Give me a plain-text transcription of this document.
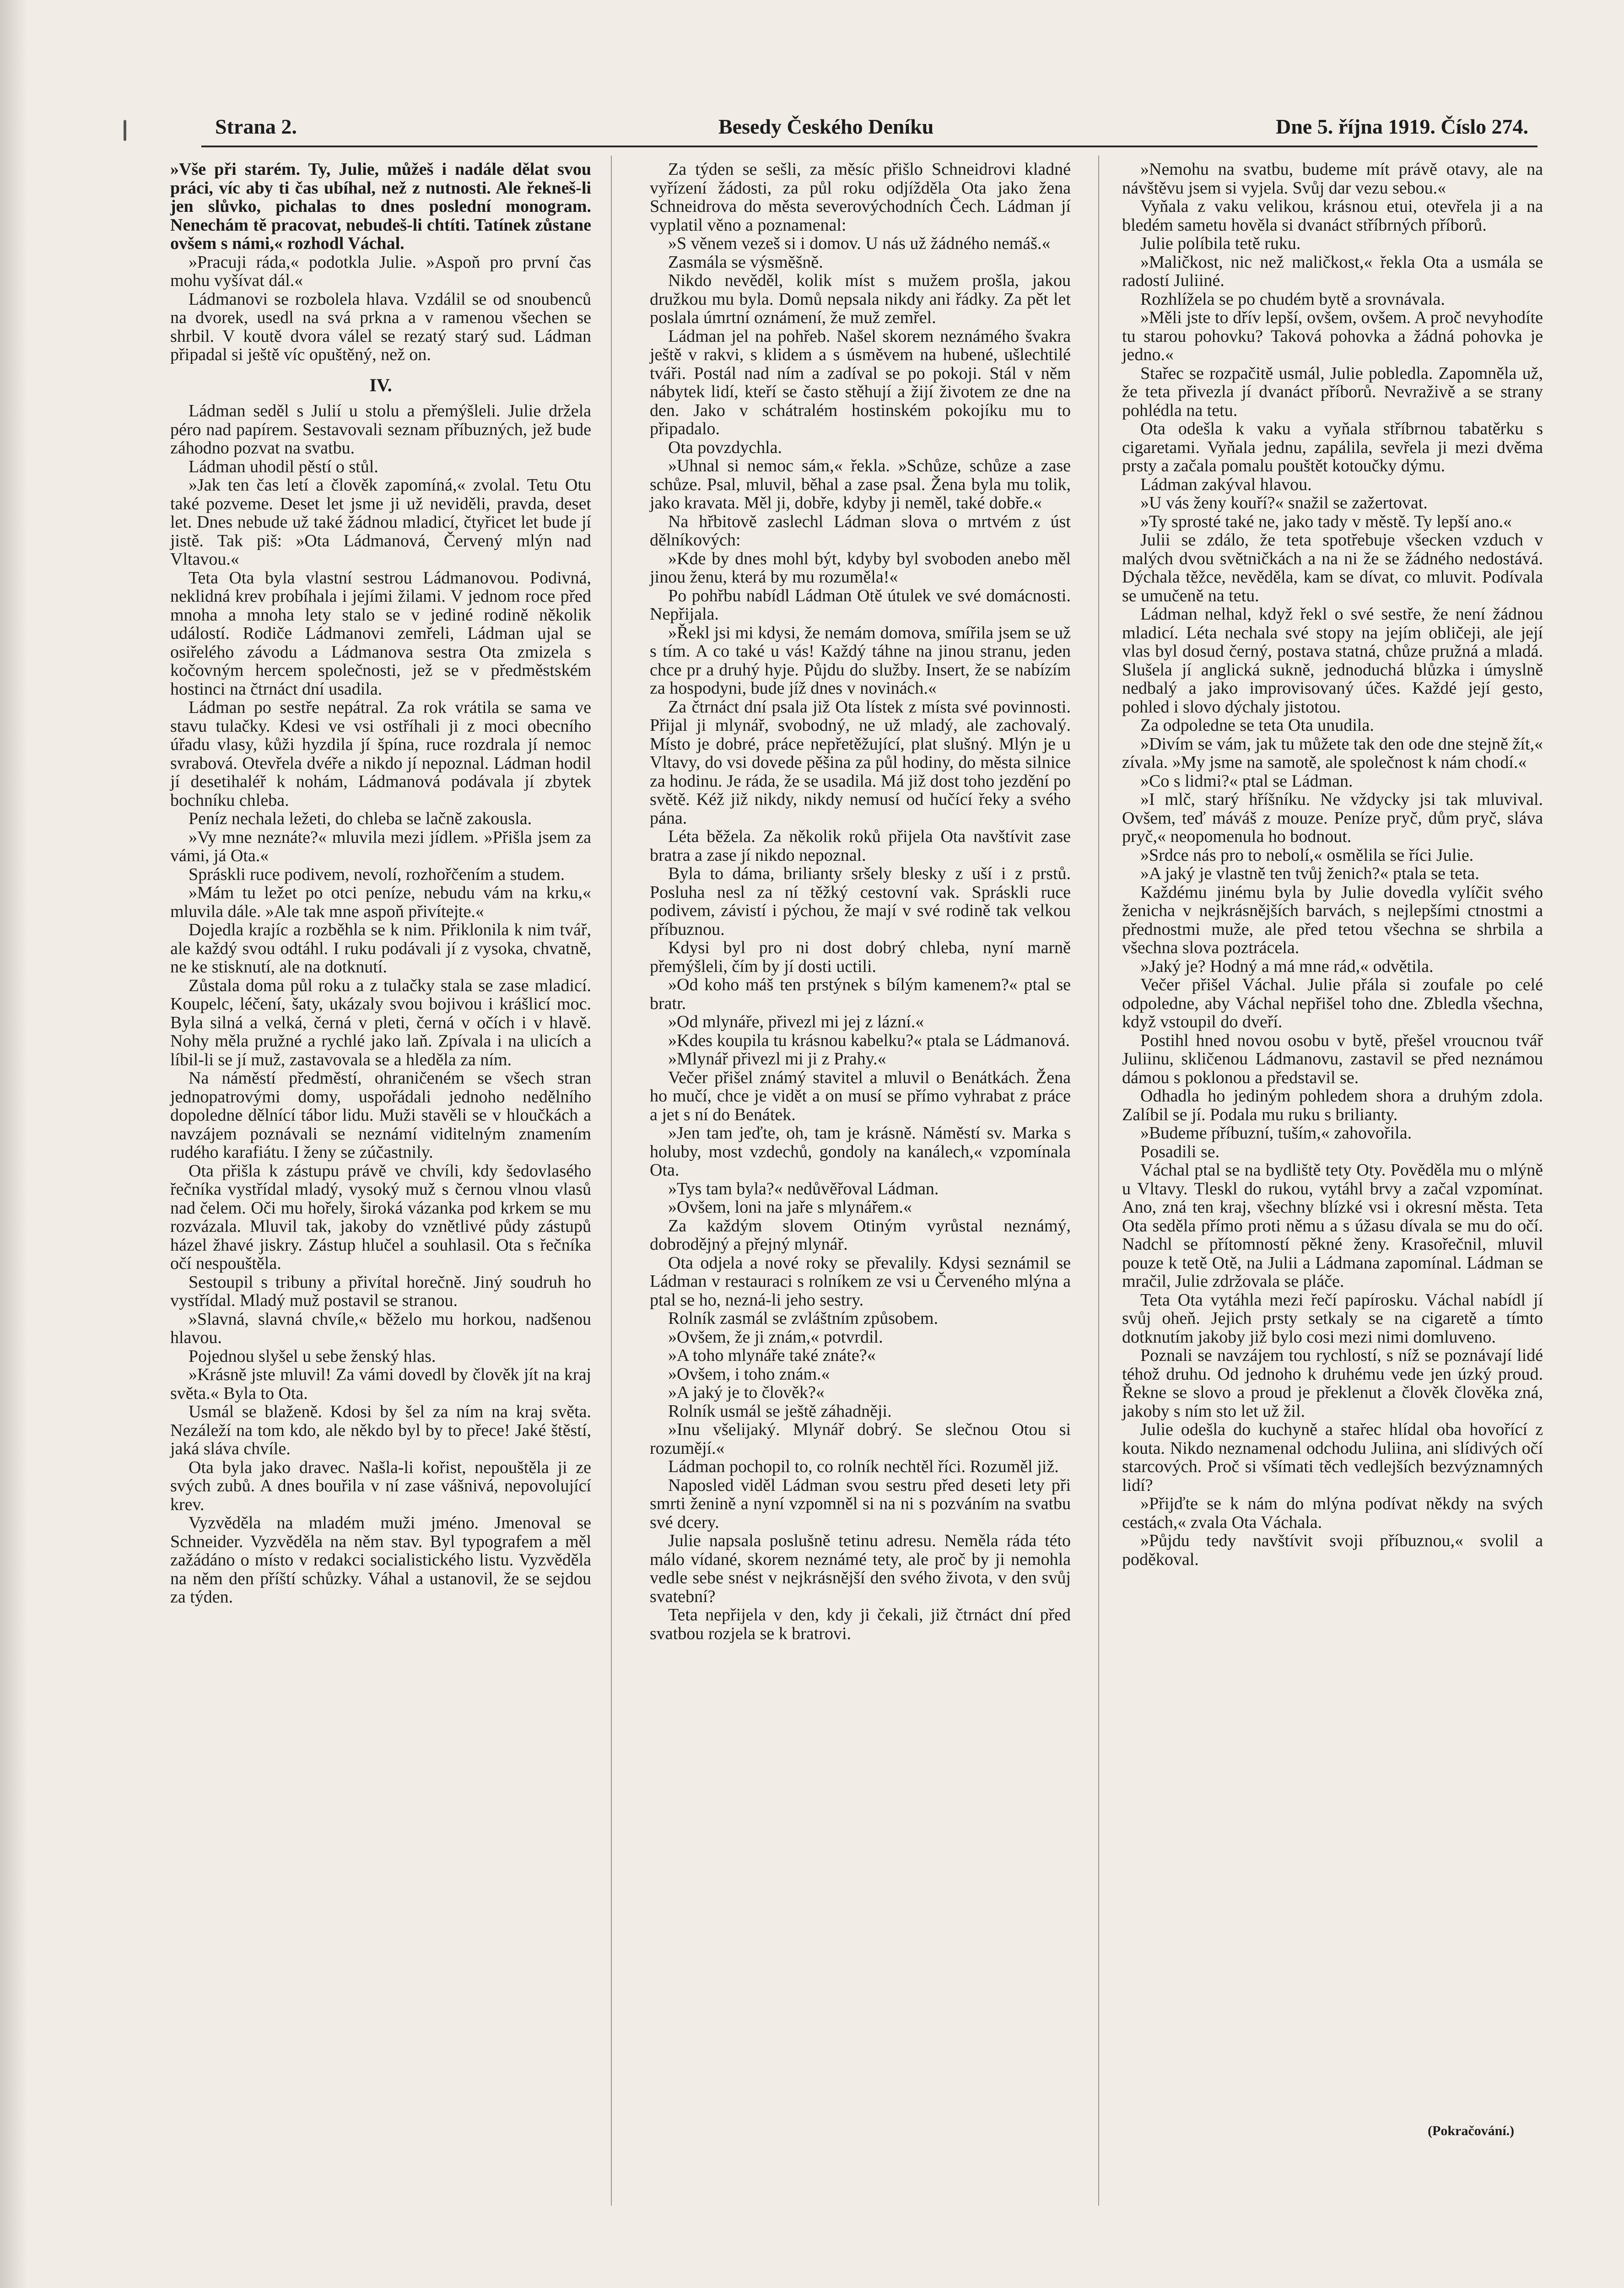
Strana 2.	Besedy Českého Deníku	Dne 5. října 1919. Číslo 274.

»Vše při starém. Ty, Julie, můžeš i nadále dělat svou práci, víc aby ti čas ubíhal, než z nutnosti. Ale řekneš-li jen slůvko, pichalas to dnes poslední monogram. Nenechám tě pracovat, nebudeš-li chtíti. Tatínek zůstane ovšem s námi,« rozhodl Váchal.

»Pracuji ráda,« podotkla Julie. »Aspoň pro první čas mohu vyšívat dál.«

Ládmanovi se rozbolela hlava. Vzdálil se od snoubenců na dvorek, usedl na svá prkna a v ramenou všechen se shrbil. V koutě dvora válel se rezatý starý sud. Ládman připadal si ještě víc opuštěný, než on.

IV.

Ládman seděl s Julií u stolu a přemýšleli. Julie držela péro nad papírem. Sestavovali seznam příbuzných, jež bude záhodno pozvat na svatbu.

Ládman uhodil pěstí o stůl.

»Jak ten čas letí a člověk zapomíná,« zvolal. Tetu Otu také pozveme. Deset let jsme ji už neviděli, pravda, deset let. Dnes nebude už také žádnou mladicí, čtyřicet let bude jí jistě. Tak piš: »Ota Ládmanová, Červený mlýn nad Vltavou.«

Teta Ota byla vlastní sestrou Ládmanovou. Podivná, neklidná krev probíhala i jejími žilami. V jednom roce před mnoha a mnoha lety stalo se v jediné rodině několik událostí. Rodiče Ládmanovi zemřeli, Ládman ujal se osiřelého závodu a Ládmanova sestra Ota zmizela s kočovným hercem společnosti, jež se v předměstském hostinci na čtrnáct dní usadila.

Ládman po sestře nepátral. Za rok vrátila se sama ve stavu tulačky. Kdesi ve vsi ostříhali ji z moci obecního úřadu vlasy, kůži hyzdila jí špína, ruce rozdrala jí nemoc svrabová. Otevřela dvéře a nikdo jí nepoznal. Ládman hodil jí desetihaléř k nohám, Ládmanová podávala jí zbytek bochníku chleba.

Peníz nechala ležeti, do chleba se lačně zakousla.

»Vy mne neznáte?« mluvila mezi jídlem. »Přišla jsem za vámi, já Ota.«

Spráskli ruce podivem, nevolí, rozhořčením a studem.

»Mám tu ležet po otci peníze, nebudu vám na krku,« mluvila dále. »Ale tak mne aspoň přivítejte.«

Dojedla krajíc a rozběhla se k nim. Přiklonila k nim tvář, ale každý svou odtáhl. I ruku podávali jí z vysoka, chvatně, ne ke stisknutí, ale na dotknutí.

Zůstala doma půl roku a z tulačky stala se zase mladicí. Koupelc, léčení, šaty, ukázaly svou bojivou i krášlicí moc. Byla silná a velká, černá v pleti, černá v očích i v hlavě. Nohy měla pružné a rychlé jako laň. Zpívala i na ulicích a líbil-li se jí muž, zastavovala se a hleděla za ním.

Na náměstí předměstí, ohraničeném se všech stran jednopatrovými domy, uspořádali jednoho nedělního dopoledne dělnící tábor lidu. Muži stavěli se v hloučkách a navzájem poznávali se neznámí viditelným znamením rudého karafiátu. I ženy se zúčastnily.

Ota přišla k zástupu právě ve chvíli, kdy šedovlasého řečníka vystřídal mladý, vysoký muž s černou vlnou vlasů nad čelem. Oči mu hořely, široká vázanka pod krkem se mu rozvázala. Mluvil tak, jakoby do vznětlivé půdy zástupů házel žhavé jiskry. Zástup hlučel a souhlasil. Ota s řečníka očí nespouštěla.

Sestoupil s tribuny a přivítal horečně. Jiný soudruh ho vystřídal. Mladý muž postavil se stranou.

»Slavná, slavná chvíle,« běželo mu horkou, nadšenou hlavou.

Pojednou slyšel u sebe ženský hlas.

»Krásně jste mluvil! Za vámi dovedl by člověk jít na kraj světa.« Byla to Ota.

Usmál se blaženě. Kdosi by šel za ním na kraj světa. Nezáleží na tom kdo, ale někdo byl by to přece! Jaké štěstí, jaká sláva chvíle.

Ota byla jako dravec. Našla-li kořist, nepouštěla ji ze svých zubů. A dnes bouřila v ní zase vášnivá, nepovolující krev.

Vyzvěděla na mladém muži jméno. Jmenoval se Schneider. Vyzvěděla na něm stav. Byl typografem a měl zažádáno o místo v redakci socialistického listu. Vyzvěděla na něm den příští schůzky. Váhal a ustanovil, že se sejdou za týden.

Za týden se sešli, za měsíc přišlo Schneidrovi kladné vyřízení žádosti, za půl roku odjížděla Ota jako žena Schneidrova do města severovýchodních Čech. Ládman jí vyplatil věno a poznamenal:

»S věnem vezeš si i domov. U nás už žádného nemáš.«

Zasmála se výsměšně.

Nikdo nevěděl, kolik míst s mužem prošla, jakou družkou mu byla. Domů nepsala nikdy ani řádky. Za pět let poslala úmrtní oznámení, že muž zemřel.

Ládman jel na pohřeb. Našel skorem neznámého švakra ještě v rakvi, s klidem a s úsměvem na hubené, ušlechtilé tváři. Postál nad ním a zadíval se po pokoji. Stál v něm nábytek lidí, kteří se často stěhují a žijí životem ze dne na den. Jako v schátralém hostinském pokojíku mu to připadalo.

Ota povzdychla.

»Uhnal si nemoc sám,« řekla. »Schůze, schůze a zase schůze. Psal, mluvil, běhal a zase psal. Žena byla mu tolik, jako kravata. Měl ji, dobře, kdyby ji neměl, také dobře.«

Na hřbitově zaslechl Ládman slova o mrtvém z úst dělníkových:

»Kde by dnes mohl být, kdyby byl svoboden anebo měl jinou ženu, která by mu rozuměla!«

Po pohřbu nabídl Ládman Otě útulek ve své domácnosti. Nepřijala.

»Řekl jsi mi kdysi, že nemám domova, smířila jsem se už s tím. A co také u vás! Každý táhne na jinou stranu, jeden chce pr a druhý hyje. Půjdu do služby. Insert, že se nabízím za hospodyni, bude jíž dnes v novinách.«

Za čtrnáct dní psala již Ota lístek z místa své povinnosti. Přijal ji mlynář, svobodný, ne už mladý, ale zachovalý. Místo je dobré, práce nepřetěžující, plat slušný. Mlýn je u Vltavy, do vsi dovede pěšina za půl hodiny, do města silnice za hodinu. Je ráda, že se usadila. Má již dost toho jezdění po světě. Kéž již nikdy, nikdy nemusí od hučící řeky a svého pána.

Léta běžela. Za několik roků přijela Ota navštívit zase bratra a zase jí nikdo nepoznal.

Byla to dáma, brilianty sršely blesky z uší i z prstů. Posluha nesl za ní těžký cestovní vak. Spráskli ruce podivem, závistí i pýchou, že mají v své rodině tak velkou příbuznou.

Kdysi byl pro ni dost dobrý chleba, nyní marně přemýšleli, čím by jí dosti uctili.

»Od koho máš ten prstýnek s bílým kamenem?« ptal se bratr.

»Od mlynáře, přivezl mi jej z lázní.«

»Kdes koupila tu krásnou kabelku?« ptala se Ládmanová.

»Mlynář přivezl mi ji z Prahy.«

Večer přišel známý stavitel a mluvil o Benátkách. Žena ho mučí, chce je vidět a on musí se přímo vyhrabat z práce a jet s ní do Benátek.

»Jen tam jeďte, oh, tam je krásně. Náměstí sv. Marka s holuby, most vzdechů, gondoly na kanálech,« vzpomínala Ota.

»Tys tam byla?« nedůvěřoval Ládman.

»Ovšem, loni na jaře s mlynářem.«

Za každým slovem Otiným vyrůstal neznámý, dobrodějný a přejný mlynář.

Ota odjela a nové roky se převalily. Kdysi seznámil se Ládman v restauraci s rolníkem ze vsi u Červeného mlýna a ptal se ho, nezná-li jeho sestry.

Rolník zasmál se zvláštním způsobem.

»Ovšem, že ji znám,« potvrdil.

»A toho mlynáře také znáte?«

»Ovšem, i toho znám.«

»A jaký je to člověk?«

Rolník usmál se ještě záhadněji.

»Inu všelijaký. Mlynář dobrý. Se slečnou Otou si rozumějí.«

Ládman pochopil to, co rolník nechtěl říci. Rozuměl již.

Naposled viděl Ládman svou sestru před deseti lety při smrti ženině a nyní vzpomněl si na ni s pozváním na svatbu své dcery.

Julie napsala poslušně tetinu adresu. Neměla ráda této málo vídané, skorem neznámé tety, ale proč by ji nemohla vedle sebe snést v nejkrásnější den svého života, v den svůj svatební?

Teta nepřijela v den, kdy ji čekali, již čtrnáct dní před svatbou rozjela se k bratrovi.

»Nemohu na svatbu, budeme mít právě otavy, ale na návštěvu jsem si vyjela. Svůj dar vezu sebou.«

Vyňala z vaku velikou, krásnou etui, otevřela ji a na bledém sametu hověla si dvanáct stříbrných příborů.

Julie políbila tetě ruku.

»Maličkost, nic než maličkost,« řekla Ota a usmála se radostí Juliiné.

Rozhlížela se po chudém bytě a srovnávala.

»Měli jste to dřív lepší, ovšem, ovšem. A proč nevyhodíte tu starou pohovku? Taková pohovka a žádná pohovka je jedno.«

Stařec se rozpačitě usmál, Julie pobledla. Zapomněla už, že teta přivezla jí dvanáct příborů. Nevraživě a se strany pohlédla na tetu.

Ota odešla k vaku a vyňala stříbrnou tabatěrku s cigaretami. Vyňala jednu, zapálila, sevřela ji mezi dvěma prsty a začala pomalu pouštět kotoučky dýmu.

Ládman zakýval hlavou.

»U vás ženy kouří?« snažil se zažertovat.

»Ty sprosté také ne, jako tady v městě. Ty lepší ano.«

Julii se zdálo, že teta spotřebuje všecken vzduch v malých dvou světničkách a na ni že se žádného nedostává. Dýchala těžce, nevěděla, kam se dívat, co mluvit. Podívala se umučeně na tetu.

Ládman nelhal, když řekl o své sestře, že není žádnou mladicí. Léta nechala své stopy na jejím obličeji, ale její vlas byl dosud černý, postava statná, chůze pružná a mladá. Slušela jí anglická sukně, jednoduchá blůzka i úmyslně nedbalý a jako improvisovaný účes. Každé její gesto, pohled i slovo dýchaly jistotou.

Za odpoledne se teta Ota unudila.

»Divím se vám, jak tu můžete tak den ode dne stejně žít,« zívala. »My jsme na samotě, ale společnost k nám chodí.«

»Co s lidmi?« ptal se Ládman.

»I mlč, starý hříšníku. Ne vždycky jsi tak mluvival. Ovšem, teď máváš z mouze. Peníze pryč, dům pryč, sláva pryč,« neopomenula ho bodnout.

»Srdce nás pro to nebolí,« osmělila se říci Julie.

»A jaký je vlastně ten tvůj ženich?« ptala se teta.

Každému jinému byla by Julie dovedla vylíčit svého ženicha v nejkrásnějších barvách, s nejlepšími ctnostmi a přednostmi muže, ale před tetou všechna se shrbila a všechna slova poztrácela.

»Jaký je? Hodný a má mne rád,« odvětila.

Večer přišel Váchal. Julie přála si zoufale po celé odpoledne, aby Váchal nepřišel toho dne. Zbledla všechna, když vstoupil do dveří.

Postihl hned novou osobu v bytě, přešel vroucnou tvář Juliinu, skličenou Ládmanovu, zastavil se před neznámou dámou s poklonou a představil se.

Odhadla ho jediným pohledem shora a druhým zdola. Zalíbil se jí. Podala mu ruku s brilianty.

»Budeme příbuzní, tuším,« zahovořila.

Posadili se.

Váchal ptal se na bydliště tety Oty. Pověděla mu o mlýně u Vltavy. Tleskl do rukou, vytáhl brvy a začal vzpomínat. Ano, zná ten kraj, všechny blízké vsi i okresní města. Teta Ota seděla přímo proti němu a s úžasu dívala se mu do očí. Nadchl se přítomností pěkné ženy. Krasořečnil, mluvil pouze k tetě Otě, na Julii a Ládmana zapomínal. Ládman se mračil, Julie zdržovala se pláče.

Teta Ota vytáhla mezi řečí papírosku. Váchal nabídl jí svůj oheň. Jejich prsty setkaly se na cigaretě a tímto dotknutím jakoby již bylo cosi mezi nimi domluveno.

Poznali se navzájem tou rychlostí, s níž se poznávají lidé téhož druhu. Od jednoho k druhému vede jen úzký proud. Řekne se slovo a proud je překlenut a člověk člověka zná, jakoby s ním sto let už žil.

Julie odešla do kuchyně a stařec hlídal oba hovořící z kouta. Nikdo neznamenal odchodu Juliina, ani slídivých očí starcových. Proč si všímati těch vedlejších bezvýznamných lidí?

»Přijďte se k nám do mlýna podívat někdy na svých cestách,« zvala Ota Váchala.

»Půjdu tedy navštívit svoji příbuznou,« svolil a poděkoval.

(Pokračování.)
